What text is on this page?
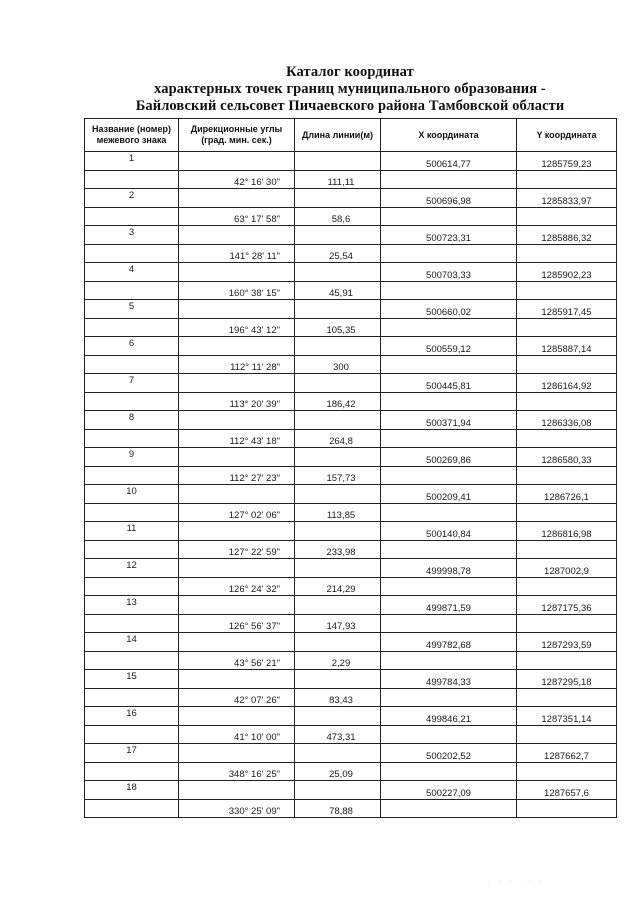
Каталог координат
характерных точек границ муниципального образования -
Байловский сельсовет Пичаевского района Тамбовской области
Название (номер) межевого знака	Дирекционные углы (град. мин. сек.)	Длина линии(м)	X координата	Y координата
1			500614,77	1285759,23
	42° 16' 30"	111,11		
2			500696,98	1285833,97
	63° 17' 58"	58,6		
3			500723,31	1285886,32
	141° 28' 11"	25,54		
4			500703,33	1285902,23
	160° 38' 15"	45,91		
5			500660,02	1285917,45
	196° 43' 12"	105,35		
6			500559,12	1285887,14
	112° 11' 28"	300		
7			500445,81	1286164,92
	113° 20' 39"	186,42		
8			500371,94	1286336,08
	112° 43' 18"	264,8		
9			500269,86	1286580,33
	112° 27' 23"	157,73		
10			500209,41	1286726,1
	127° 02' 06"	113,85		
11			500140,84	1286816,98
	127° 22' 59"	233,98		
12			499998,78	1287002,9
	126° 24' 32"	214,29		
13			499871,59	1287175,36
	126° 56' 37"	147,93		
14			499782,68	1287293,59
	43° 56' 21"	2,29		
15			499784,33	1287295,18
	42° 07' 26"	83,43		
16			499846,21	1287351,14
	41° 10' 00"	473,31		
17			500202,52	1287662,7
	348° 16' 25"	25,09		
18			500227,09	1287657,6
	330° 25' 09"	78,88		
· · · · · ·
